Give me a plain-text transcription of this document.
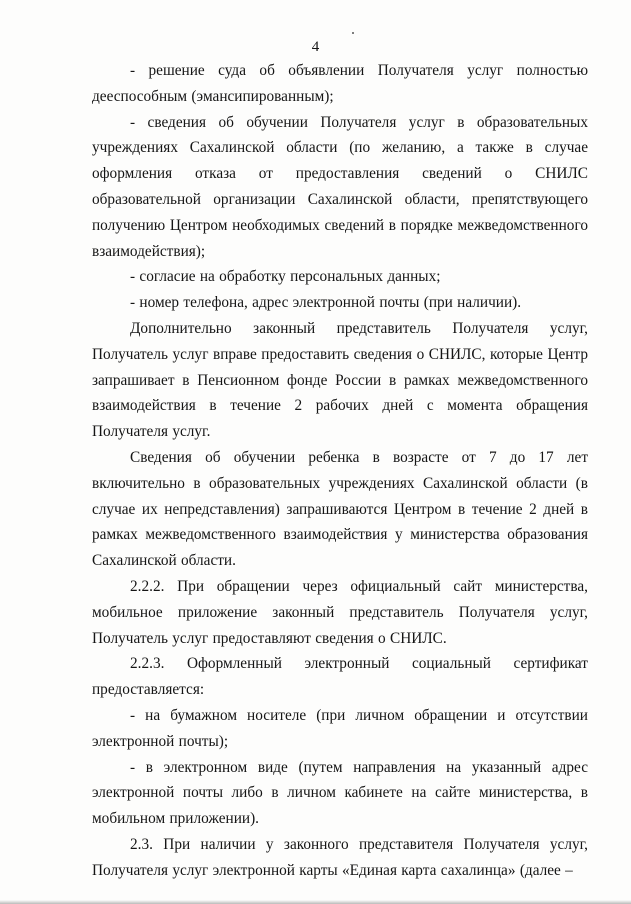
4

- решение суда об объявлении Получателя услуг полностью дееспособным (эмансипированным);

- сведения об обучении Получателя услуг в образовательных учреждениях Сахалинской области (по желанию, а также в случае оформления отказа от предоставления сведений о СНИЛС образовательной организации Сахалинской области, препятствующего получению Центром необходимых сведений в порядке межведомственного взаимодействия);

- согласие на обработку персональных данных;

- номер телефона, адрес электронной почты (при наличии).

Дополнительно законный представитель Получателя услуг, Получатель услуг вправе предоставить сведения о СНИЛС, которые Центр запрашивает в Пенсионном фонде России в рамках межведомственного взаимодействия в течение 2 рабочих дней с момента обращения Получателя услуг.

Сведения об обучении ребенка в возрасте от 7 до 17 лет включительно в образовательных учреждениях Сахалинской области (в случае их непредставления) запрашиваются Центром в течение 2 дней в рамках межведомственного взаимодействия у министерства образования Сахалинской области.

2.2.2. При обращении через официальный сайт министерства, мобильное приложение законный представитель Получателя услуг, Получатель услуг предоставляют сведения о СНИЛС.

2.2.3. Оформленный электронный социальный сертификат предоставляется:

- на бумажном носителе (при личном обращении и отсутствии электронной почты);

- в электронном виде (путем направления на указанный адрес электронной почты либо в личном кабинете на сайте министерства, в мобильном приложении).

2.3. При наличии у законного представителя Получателя услуг, Получателя услуг электронной карты «Единая карта сахалинца» (далее –
